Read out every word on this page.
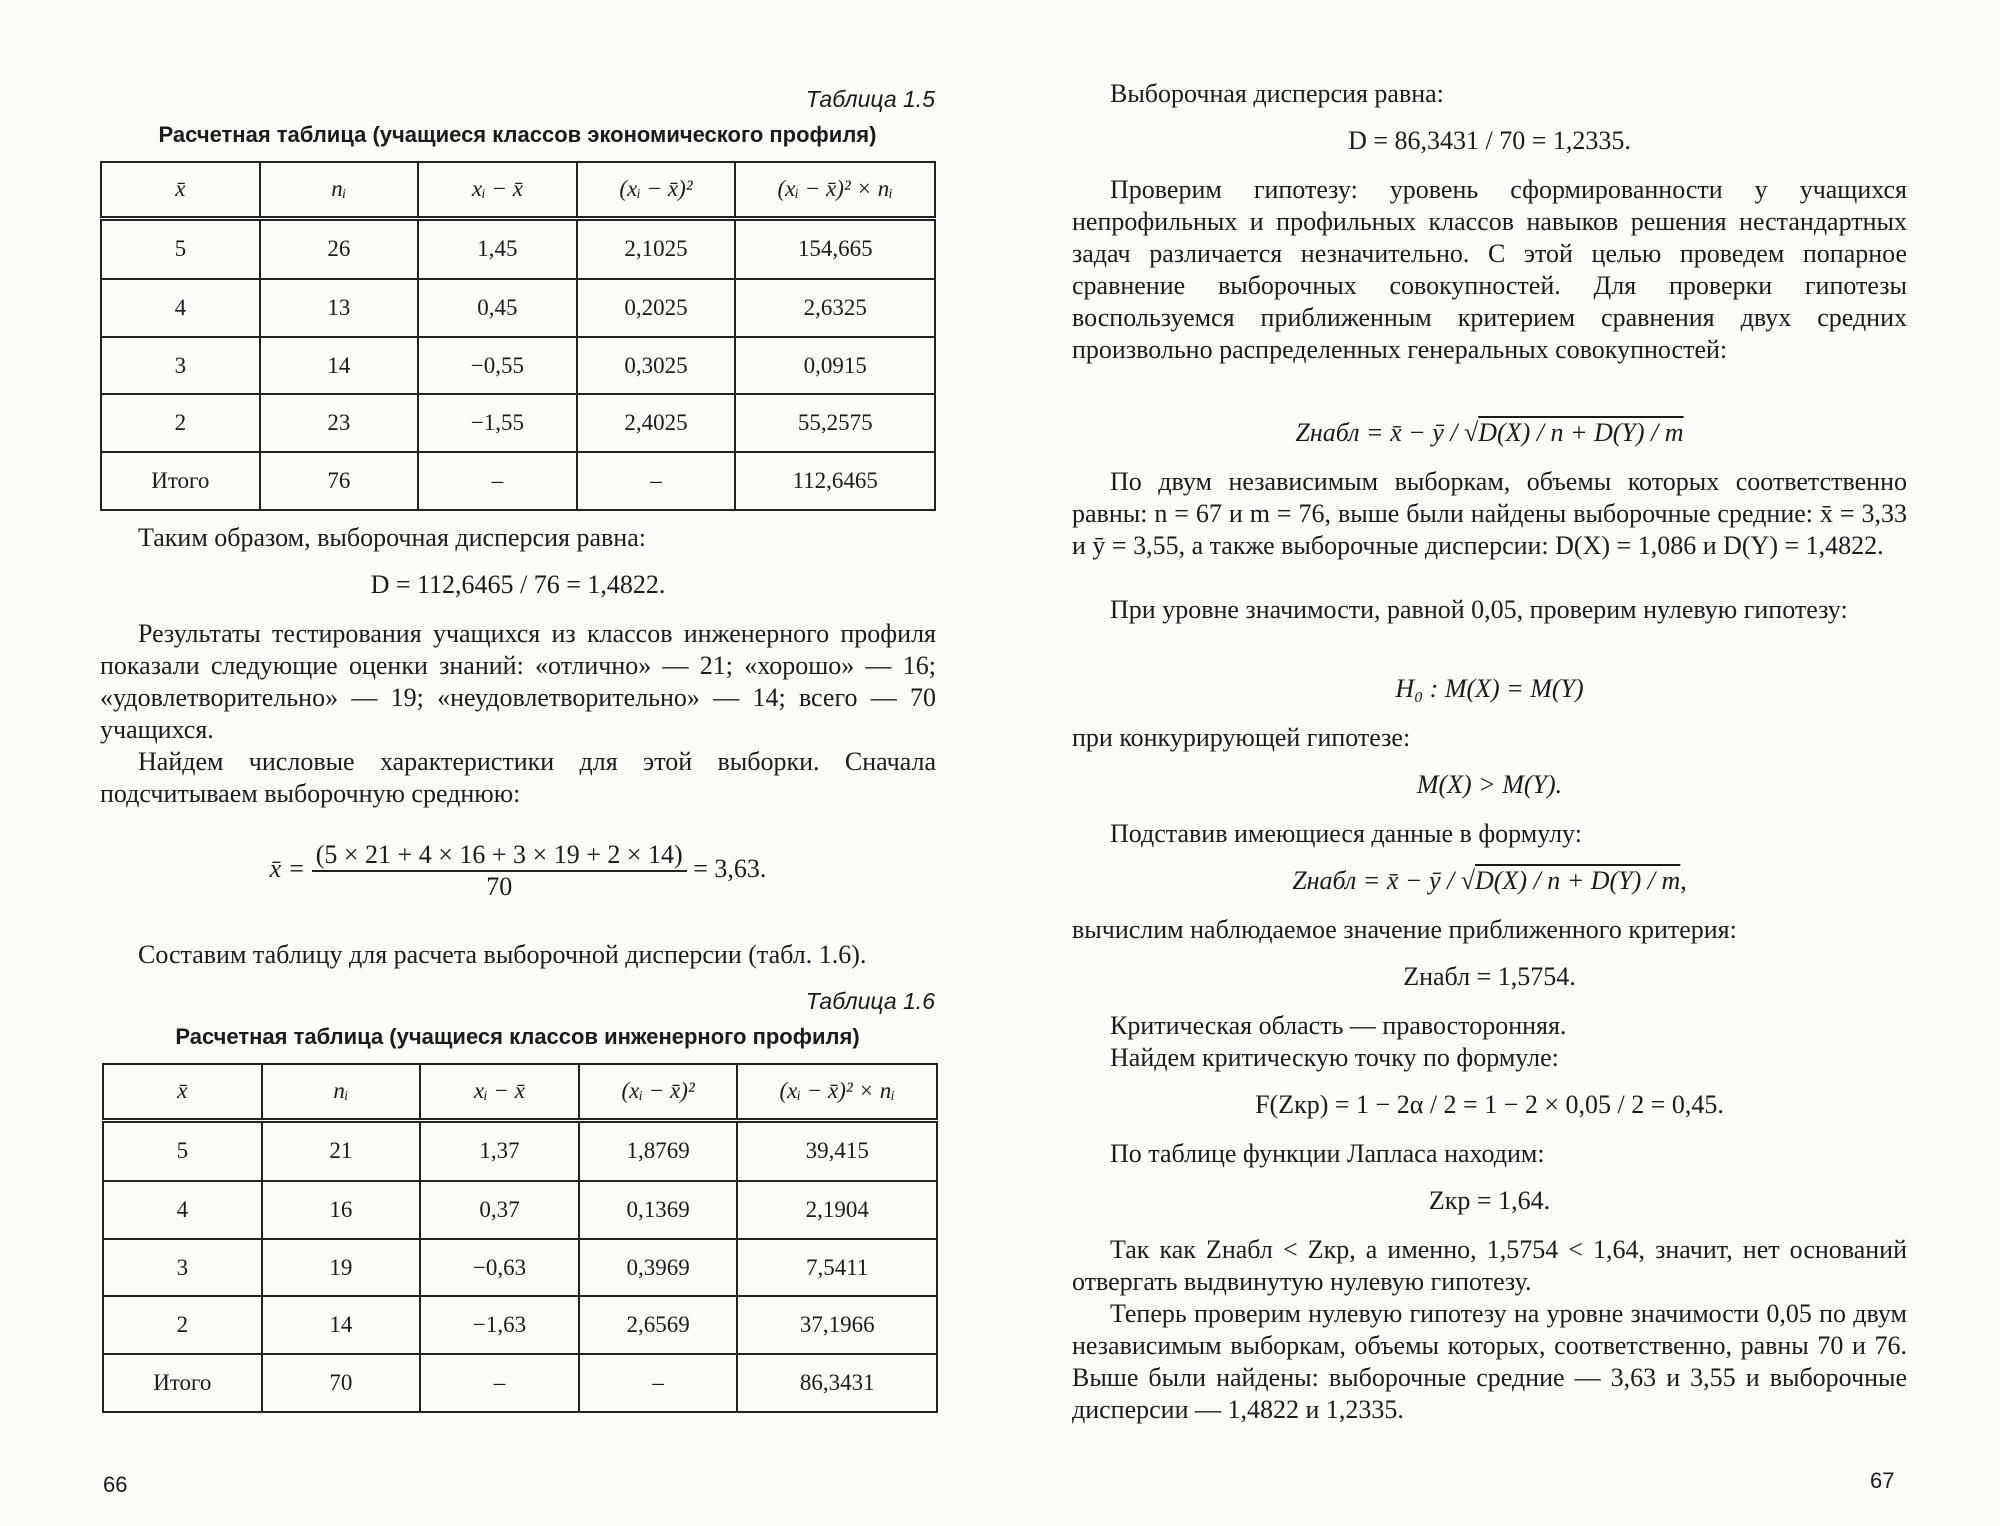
Таблица 1.5
Расчетная таблица (учащиеся классов экономического профиля)
x̄	nᵢ	xᵢ − x̄	(xᵢ − x̄)²	(xᵢ − x̄)² × nᵢ
5	26	1,45	2,1025	154,665
4	13	0,45	0,2025	2,6325
3	14	−0,55	0,3025	0,0915
2	23	−1,55	2,4025	55,2575
Итого	76	–	–	112,6465
Таким образом, выборочная дисперсия равна:
D = 112,6465 / 76 = 1,4822.
Результаты тестирования учащихся из классов инженерного профиля показали следующие оценки знаний: «отлично» — 21; «хорошо» — 16; «удовлетворительно» — 19; «неудовлетворительно» — 14; всего — 70 учащихся.
Найдем числовые характеристики для этой выборки. Сначала подсчитываем выборочную среднюю:
x̄ = $\frac{(5 \times 21 + 4 \times 16 + 3 \times 19 + 2 \times 14)}{70} = 3,63$.
Составим таблицу для расчета выборочной дисперсии (табл. 1.6).
Таблица 1.6
Расчетная таблица (учащиеся классов инженерного профиля)
x̄	nᵢ	xᵢ − x̄	(xᵢ − x̄)²	(xᵢ − x̄)² × nᵢ
5	21	1,37	1,8769	39,415
4	16	0,37	0,1369	2,1904
3	19	−0,63	0,3969	7,5411
2	14	−1,63	2,6569	37,1966
Итого	70	–	–	86,3431
66
Выборочная дисперсия равна:
D = 86,3431 / 70 = 1,2335.
Проверим гипотезу: уровень сформированности у учащихся непрофильных и профильных классов навыков решения нестандартных задач различается незначительно. С этой целью проведем попарное сравнение выборочных совокупностей. Для проверки гипотезы воспользуемся приближенным критерием сравнения двух средних произвольно распределенных генеральных совокупностей:
Zнабл = x̄ − ȳ / √D(X) / n + D(Y) / m
По двум независимым выборкам, объемы которых соответственно равны: n = 67 и m = 76, выше были найдены выборочные средние: x̄ = 3,33 и ȳ = 3,55, а также выборочные дисперсии: D(X) = 1,086 и D(Y) = 1,4822.
При уровне значимости, равной 0,05, проверим нулевую гипотезу:
H₀ : M(X) = M(Y)
при конкурирующей гипотезе:
M(X) > M(Y).
Подставив имеющиеся данные в формулу:
Zнабл = x̄ − ȳ / √D(X) / n + D(Y) / m,
вычислим наблюдаемое значение приближенного критерия:
Zнабл = 1,5754.
Критическая область — правосторонняя.
Найдем критическую точку по формуле:
F(Zкр) = 1 − 2α / 2 = 1 − 2 × 0,05 / 2 = 0,45.
По таблице функции Лапласа находим:
Zкр = 1,64.
Так как Zнабл < Zкр, а именно, 1,5754 < 1,64, значит, нет оснований отвергать выдвинутую нулевую гипотезу.
Теперь проверим нулевую гипотезу на уровне значимости 0,05 по двум независимым выборкам, объемы которых, соответственно, равны 70 и 76. Выше были найдены: выборочные средние — 3,63 и 3,55 и выборочные дисперсии — 1,4822 и 1,2335.
67
